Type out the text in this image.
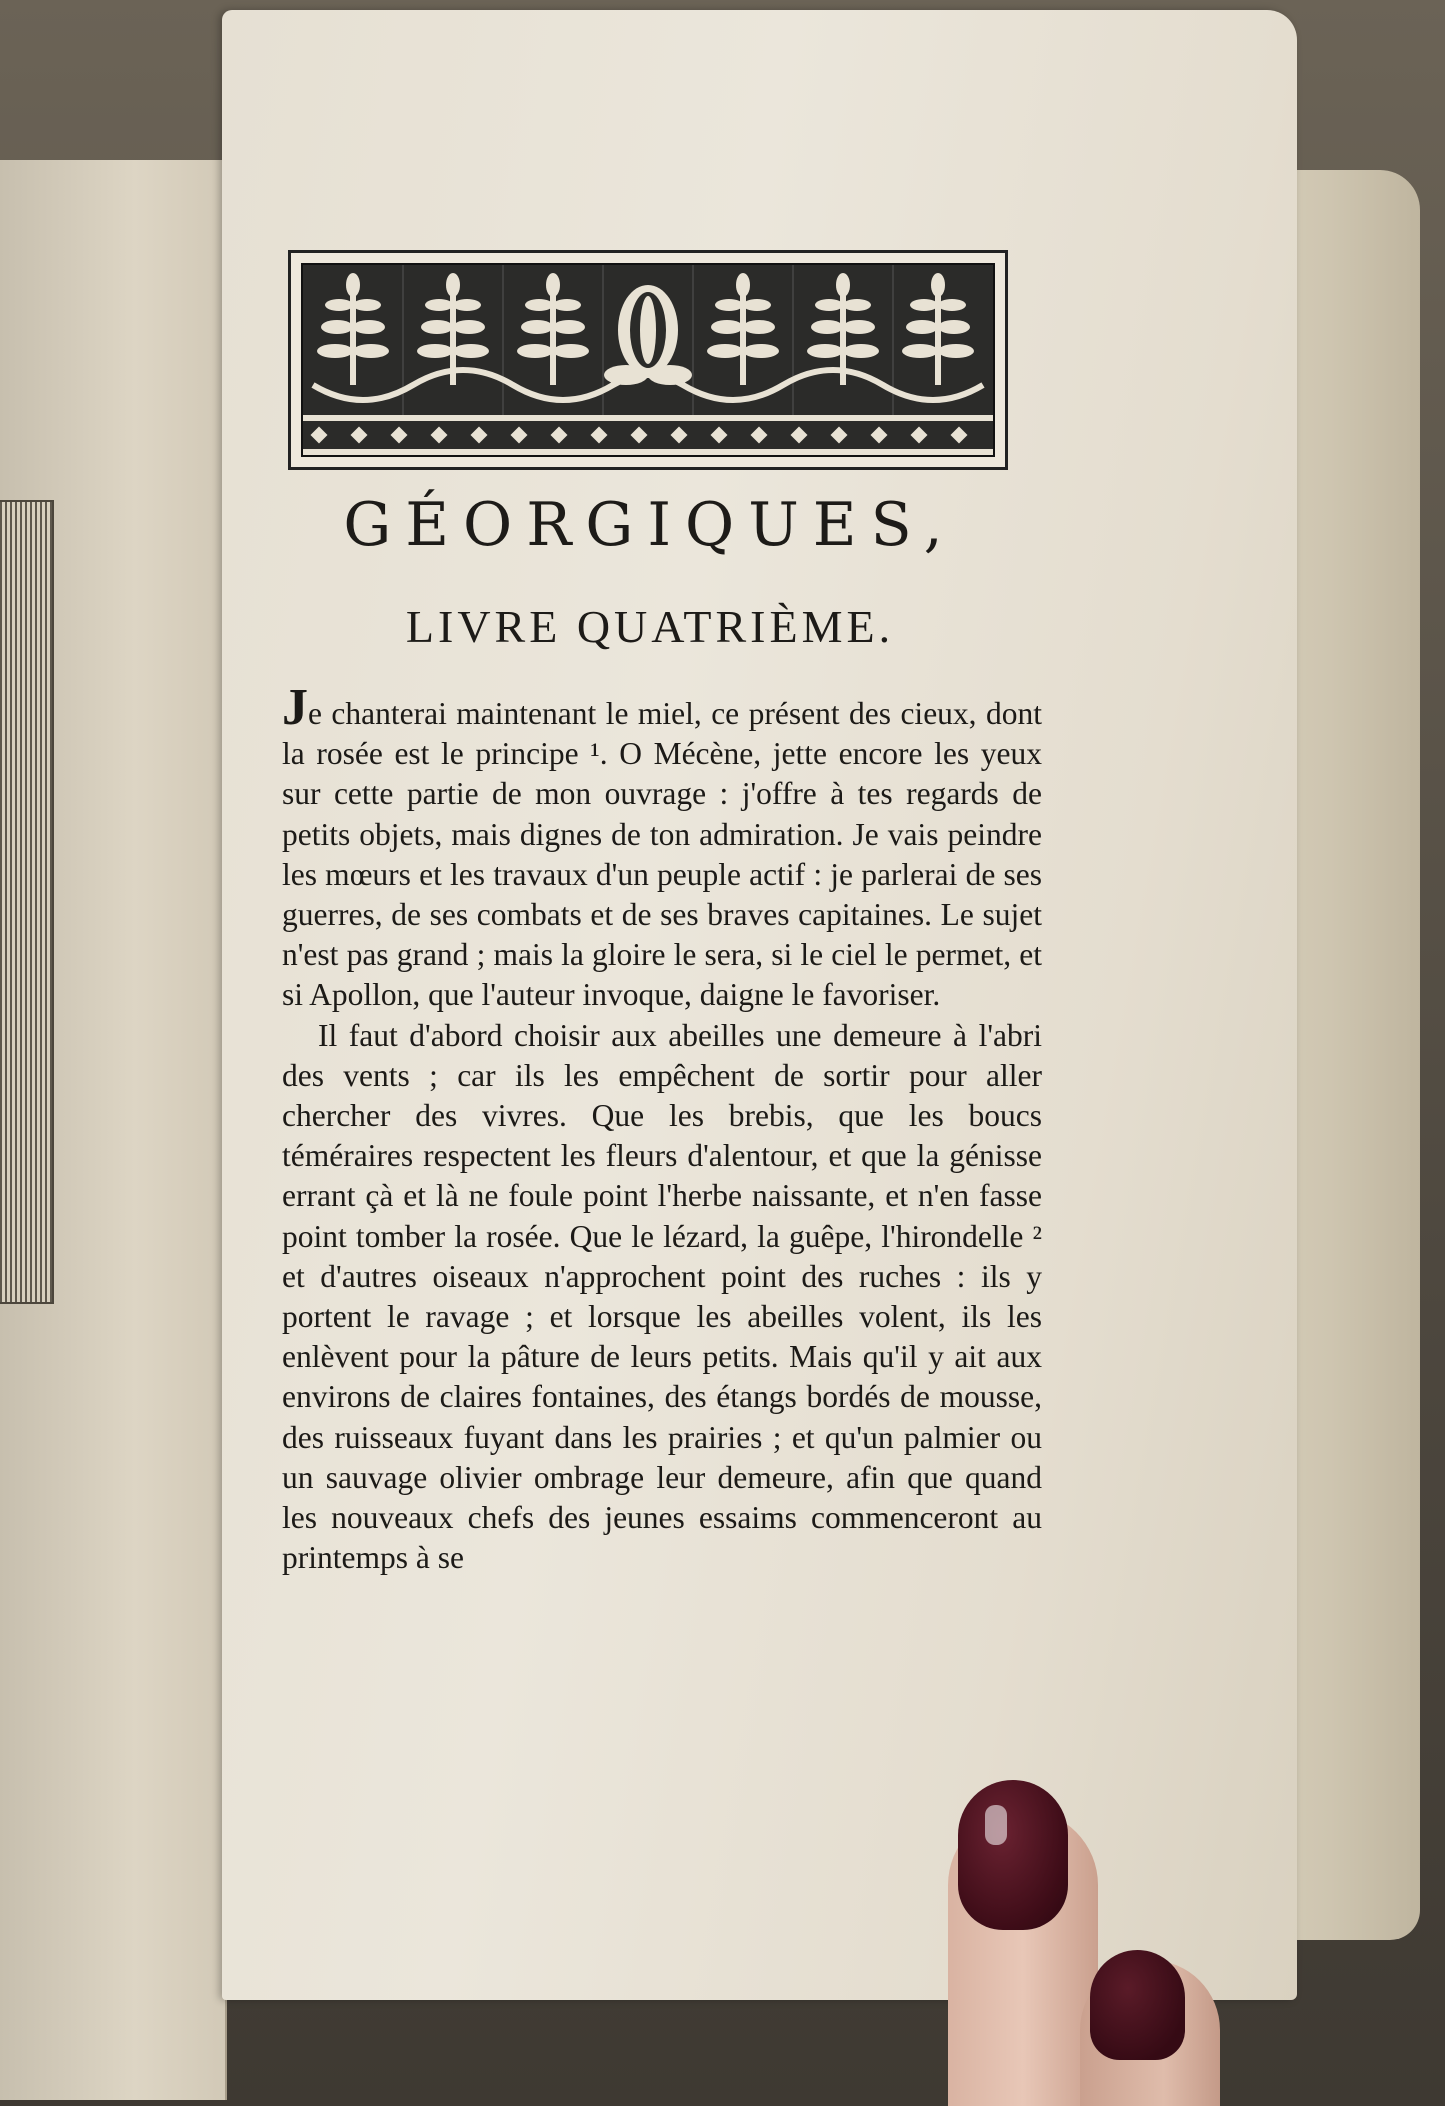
GÉORGIQUES,
LIVRE QUATRIÈME.

Je chanterai maintenant le miel, ce présent des cieux, dont la rosée est le principe ¹. O Mécène, jette encore les yeux sur cette partie de mon ouvrage : j'offre à tes regards de petits objets, mais dignes de ton admiration. Je vais peindre les mœurs et les travaux d'un peuple actif : je parlerai de ses guerres, de ses combats et de ses braves capitaines. Le sujet n'est pas grand ; mais la gloire le sera, si le ciel le permet, et si Apollon, que l'auteur invoque, daigne le favoriser.

Il faut d'abord choisir aux abeilles une demeure à l'abri des vents ; car ils les empêchent de sortir pour aller chercher des vivres. Que les brebis, que les boucs téméraires respectent les fleurs d'alentour, et que la génisse errant çà et là ne foule point l'herbe naissante, et n'en fasse point tomber la rosée. Que le lézard, la guêpe, l'hirondelle ² et d'autres oiseaux n'approchent point des ruches : ils y portent le ravage ; et lorsque les abeilles volent, ils les enlèvent pour la pâture de leurs petits. Mais qu'il y ait aux environs de claires fontaines, des étangs bordés de mousse, des ruisseaux fuyant dans les prairies ; et qu'un palmier ou un sauvage olivier ombrage leur demeure, afin que quand les nouveaux chefs des jeunes essaims commenceront au printemps à se
